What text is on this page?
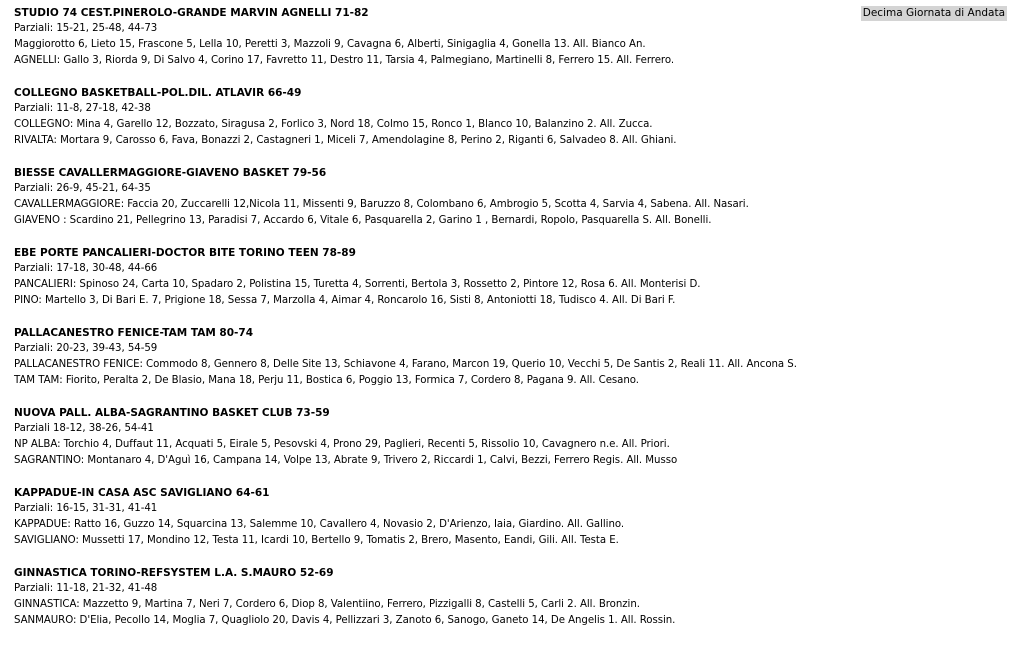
Decima Giornata di Andata
STUDIO 74 CEST.PINEROLO-GRANDE MARVIN AGNELLI 71-82
Parziali: 15-21, 25-48, 44-73
Maggiorotto 6, Lieto 15, Frascone 5, Lella 10, Peretti 3, Mazzoli 9, Cavagna 6, Alberti, Sinigaglia 4, Gonella 13. All. Bianco An.
AGNELLI: Gallo 3, Riorda 9, Di Salvo 4, Corino 17, Favretto 11, Destro 11, Tarsia 4, Palmegiano, Martinelli 8, Ferrero 15. All. Ferrero.
COLLEGNO BASKETBALL-POL.DIL. ATLAVIR 66-49
Parziali: 11-8, 27-18, 42-38
COLLEGNO: Mina 4, Garello 12, Bozzato, Siragusa 2, Forlico 3, Nord 18, Colmo 15, Ronco 1, Blanco 10, Balanzino 2. All. Zucca.
RIVALTA: Mortara 9, Carosso 6, Fava, Bonazzi 2, Castagneri 1, Miceli 7, Amendolagine 8, Perino 2, Riganti 6, Salvadeo 8. All. Ghiani.
BIESSE CAVALLERMAGGIORE-GIAVENO BASKET 79-56
Parziali: 26-9, 45-21, 64-35
CAVALLERMAGGIORE: Faccia 20, Zuccarelli 12,Nicola 11, Missenti 9, Baruzzo 8, Colombano 6, Ambrogio 5, Scotta 4, Sarvia 4, Sabena. All. Nasari.
GIAVENO : Scardino 21, Pellegrino 13, Paradisi 7, Accardo 6, Vitale 6, Pasquarella 2, Garino 1 , Bernardi, Ropolo, Pasquarella S. All. Bonelli.
EBE PORTE PANCALIERI-DOCTOR BITE TORINO TEEN 78-89
Parziali: 17-18, 30-48, 44-66
PANCALIERI: Spinoso 24, Carta 10, Spadaro 2, Polistina 15, Turetta 4, Sorrenti, Bertola 3, Rossetto 2, Pintore 12, Rosa 6. All. Monterisi D.
PINO: Martello 3, Di Bari E. 7, Prigione 18, Sessa 7, Marzolla 4, Aimar 4, Roncarolo 16, Sisti 8, Antoniotti 18, Tudisco 4. All. Di Bari F.
PALLACANESTRO FENICE-TAM TAM 80-74
Parziali: 20-23, 39-43, 54-59
PALLACANESTRO FENICE: Commodo 8, Gennero 8, Delle Site 13, Schiavone 4, Farano, Marcon 19, Querio 10, Vecchi 5, De Santis 2, Reali 11. All. Ancona S.
TAM TAM: Fiorito, Peralta 2, De Blasio, Mana 18, Perju 11, Bostica 6, Poggio 13, Formica 7, Cordero 8, Pagana 9. All. Cesano.
NUOVA PALL. ALBA-SAGRANTINO BASKET CLUB 73-59
Parziali 18-12, 38-26, 54-41
NP ALBA: Torchio 4, Duffaut 11, Acquati 5, Eirale 5, Pesovski 4, Prono 29, Paglieri, Recenti 5, Rissolio 10, Cavagnero n.e. All. Priori.
SAGRANTINO: Montanaro 4, D'Aguì 16, Campana 14, Volpe 13, Abrate 9, Trivero 2, Riccardi 1, Calvi, Bezzi, Ferrero Regis. All. Musso
KAPPADUE-IN CASA ASC SAVIGLIANO 64-61
Parziali: 16-15, 31-31, 41-41
KAPPADUE: Ratto 16, Guzzo 14, Squarcina 13, Salemme 10, Cavallero 4, Novasio 2, D'Arienzo, Iaia, Giardino. All. Gallino.
SAVIGLIANO: Mussetti 17, Mondino 12, Testa 11, Icardi 10, Bertello 9, Tomatis 2, Brero, Masento, Eandi, Gili. All. Testa E.
GINNASTICA TORINO-REFSYSTEM L.A. S.MAURO 52-69
Parziali: 11-18, 21-32, 41-48
GINNASTICA: Mazzetto 9, Martina 7, Neri 7, Cordero 6, Diop 8, Valentiino, Ferrero, Pizzigalli 8, Castelli 5, Carli 2. All. Bronzin.
SANMAURO: D'Elia, Pecollo 14, Moglia 7, Quagliolo 20, Davis 4, Pellizzari 3, Zanoto 6, Sanogo, Ganeto 14, De Angelis 1. All. Rossin.
